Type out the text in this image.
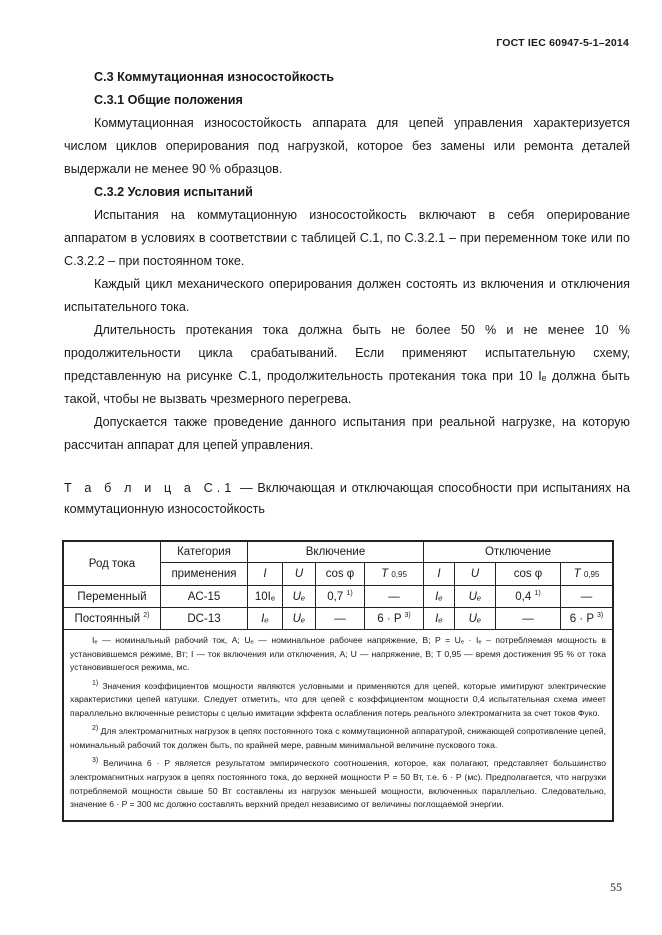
ГОСТ IEC 60947-5-1–2014

С.3 Коммутационная износостойкость

С.3.1 Общие положения

Коммутационная износостойкость аппарата для цепей управления характеризуется числом циклов оперирования под нагрузкой, которое без замены или ремонта деталей выдержали не менее 90 % образцов.

С.3.2 Условия испытаний

Испытания на коммутационную износостойкость включают в себя оперирование аппаратом в условиях в соответствии с таблицей С.1, по С.3.2.1 – при переменном токе или по С.3.2.2 – при постоянном токе.

Каждый цикл механического оперирования должен состоять из включения и отключения испытательного тока.

Длительность протекания тока должна быть не более 50 % и не менее 10 % продолжительности цикла срабатываний. Если применяют испытательную схему, представленную на рисунке С.1, продолжительность протекания тока при 10 Iₑ должна быть такой, чтобы не вызвать чрезмерного перегрева.

Допускается также проведение данного испытания при реальной нагрузке, на которую рассчитан аппарат для цепей управления.

Т а б л и ц а С.1 — Включающая и отключающая способности при испытаниях на коммутационную износостойкость
Род тока	Категория	Включение				Отключение			
	применения	I	U	cos φ	T 0,95	I	U	cos φ	T 0,95
Переменный	AC-15	10Iₑ	Uₑ	0,7 $^{1)}$	—	Iₑ	Uₑ	0,4 $^{1)}$	—
Постоянный $^{2)}$	DC-13	Iₑ	Uₑ	—	6 · P $^{3)}$	Iₑ	Uₑ	—	6 · P $^{3)}$

Iₑ — номинальный рабочий ток, А; Uₑ — номинальное рабочее напряжение, В; P = Uₑ · Iₑ – потребляемая мощность в установившемся режиме, Вт; I — ток включения или отключения, А; U — напряжение, В; T 0,95 — время достижения 95 % от тока установившегося режима, мс.

$^{1)}$ Значения коэффициентов мощности являются условными и применяются для цепей, которые имитируют электрические характеристики цепей катушки. Следует отметить, что для цепей с коэффициентом мощности 0,4 испытательная схема имеет параллельно включенные резисторы с целью имитации эффекта ослабления потерь реального электромагнита за счет токов Фуко.

$^{2)}$ Для электромагнитных нагрузок в цепях постоянного тока с коммутационной аппаратурой, снижающей сопротивление цепей, номинальный рабочий ток должен быть, по крайней мере, равным минимальной величине пускового тока.

$^{3)}$ Величина 6 · P является результатом эмпирического соотношения, которое, как полагают, представляет большинство электромагнитных нагрузок в цепях постоянного тока, до верхней мощности P = 50 Вт, т.е. 6 · P (мс). Предполагается, что нагрузки потребляемой мощности свыше 50 Вт составлены из нагрузок меньшей мощности, включенных параллельно. Следовательно, значение 6 · P = 300 мс должно составлять верхний предел независимо от величины поглощаемой энергии.									

55
